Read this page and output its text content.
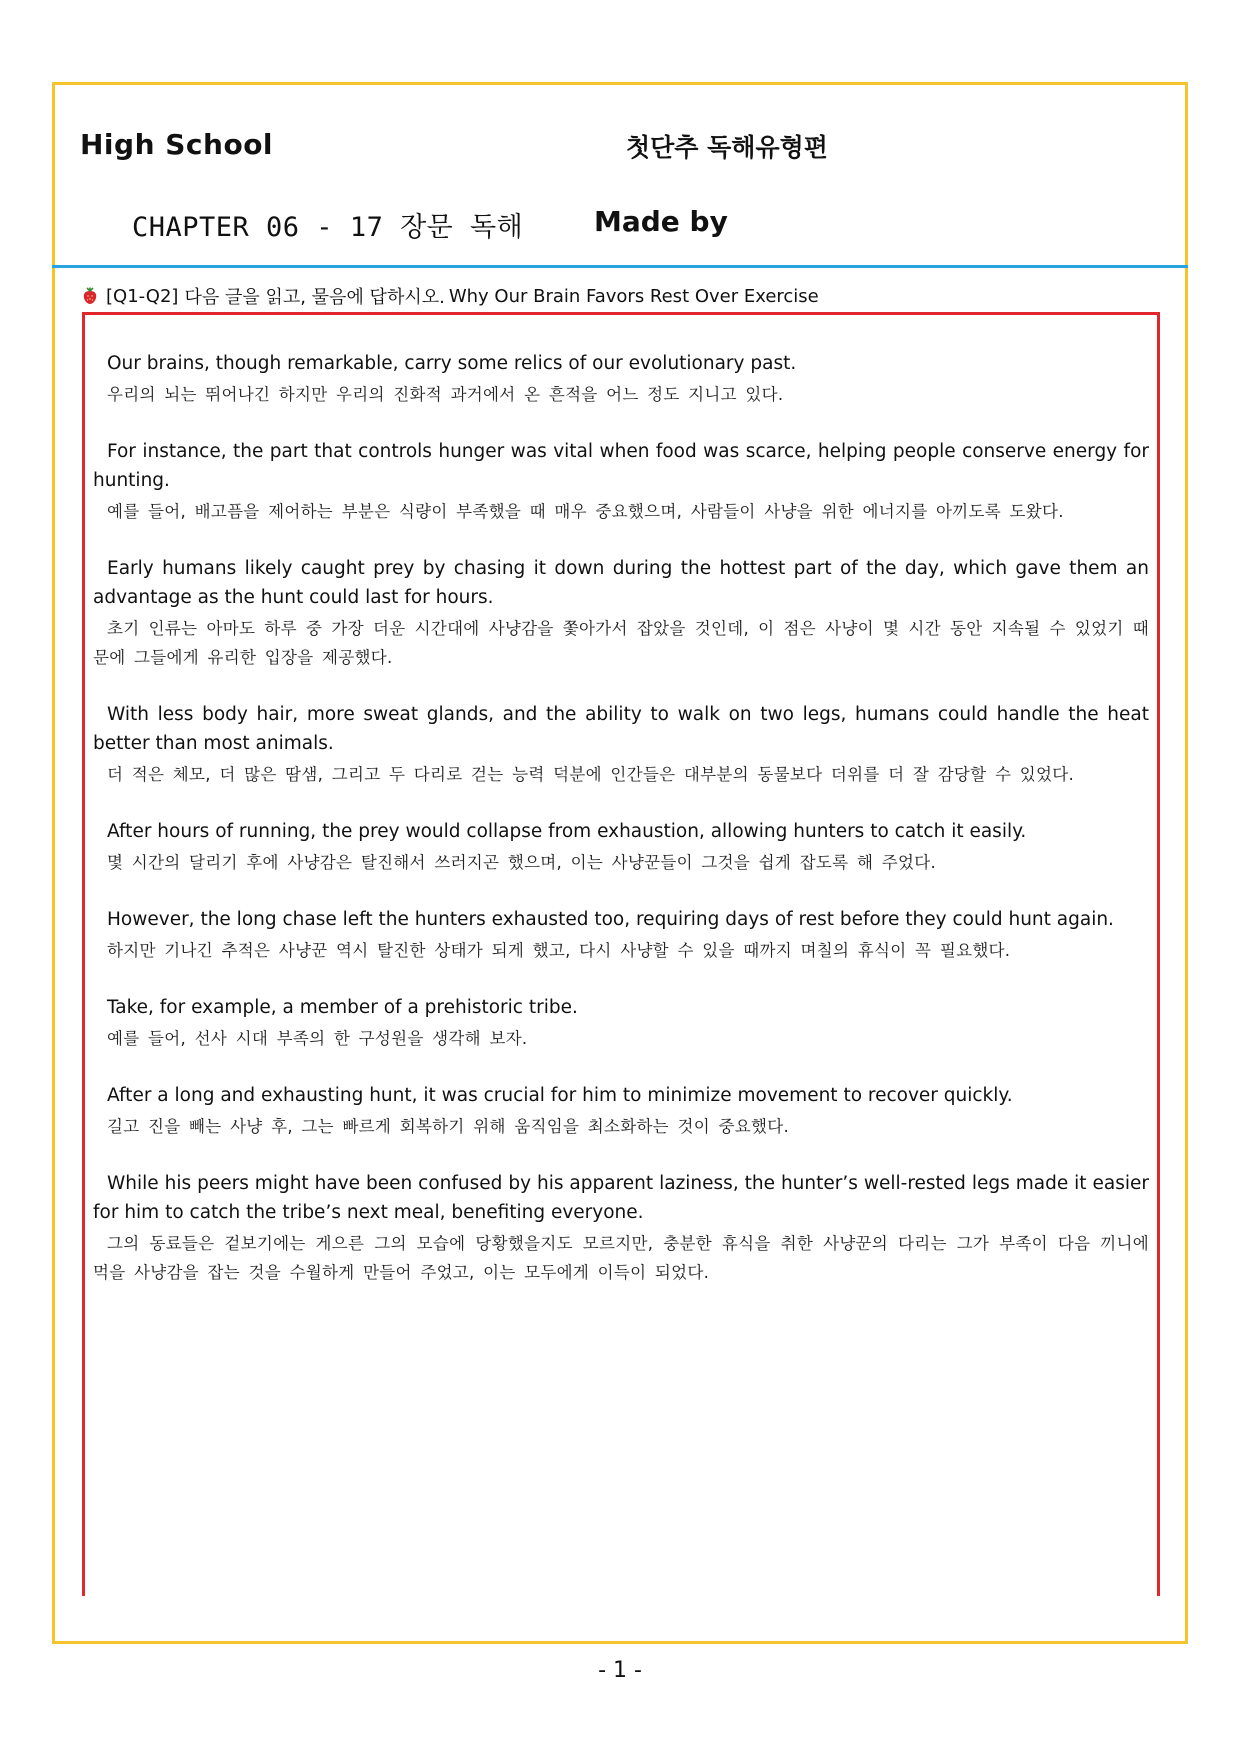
High School	첫단추 독해유형편
CHAPTER 06 - 17 장문 독해	Made by
[Q1-Q2] 다음 글을 읽고, 물음에 답하시오. Why Our Brain Favors Rest Over Exercise

Our brains, though remarkable, carry some relics of our evolutionary past.

우리의 뇌는 뛰어나긴 하지만 우리의 진화적 과거에서 온 흔적을 어느 정도 지니고 있다.

For instance, the part that controls hunger was vital when food was scarce, helping people conserve energy for hunting.

예를 들어, 배고픔을 제어하는 부분은 식량이 부족했을 때 매우 중요했으며, 사람들이 사냥을 위한 에너지를 아끼도록 도왔다.

Early humans likely caught prey by chasing it down during the hottest part of the day, which gave them an advantage as the hunt could last for hours.

초기 인류는 아마도 하루 중 가장 더운 시간대에 사냥감을 쫓아가서 잡았을 것인데, 이 점은 사냥이 몇 시간 동안 지속될 수 있었기 때문에 그들에게 유리한 입장을 제공했다.

With less body hair, more sweat glands, and the ability to walk on two legs, humans could handle the heat better than most animals.

더 적은 체모, 더 많은 땀샘, 그리고 두 다리로 걷는 능력 덕분에 인간들은 대부분의 동물보다 더위를 더 잘 감당할 수 있었다.

After hours of running, the prey would collapse from exhaustion, allowing hunters to catch it easily.

몇 시간의 달리기 후에 사냥감은 탈진해서 쓰러지곤 했으며, 이는 사냥꾼들이 그것을 쉽게 잡도록 해 주었다.

However, the long chase left the hunters exhausted too, requiring days of rest before they could hunt again.

하지만 기나긴 추적은 사냥꾼 역시 탈진한 상태가 되게 했고, 다시 사냥할 수 있을 때까지 며칠의 휴식이 꼭 필요했다.

Take, for example, a member of a prehistoric tribe.

예를 들어, 선사 시대 부족의 한 구성원을 생각해 보자.

After a long and exhausting hunt, it was crucial for him to minimize movement to recover quickly.

길고 진을 빼는 사냥 후, 그는 빠르게 회복하기 위해 움직임을 최소화하는 것이 중요했다.

While his peers might have been confused by his apparent laziness, the hunter’s well-rested legs made it easier for him to catch the tribe’s next meal, benefiting everyone.

그의 동료들은 겉보기에는 게으른 그의 모습에 당황했을지도 모르지만, 충분한 휴식을 취한 사냥꾼의 다리는 그가 부족이 다음 끼니에 먹을 사냥감을 잡는 것을 수월하게 만들어 주었고, 이는 모두에게 이득이 되었다.

- 1 -
